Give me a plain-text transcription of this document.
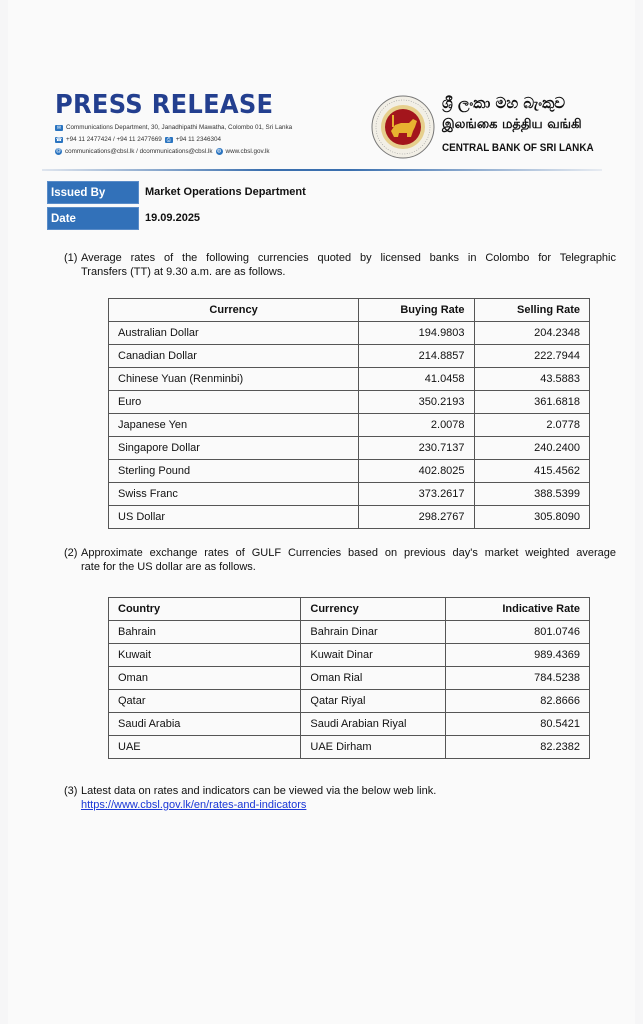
PRESS RELEASE
✉ Communications Department, 30, Janadhipathi Mawatha, Colombo 01, Sri Lanka
☎ +94 11 2477424 / +94 11 2477669 ⎙ +94 11 2346304
@ communications@cbsl.lk / dcommunications@cbsl.lk ◍ www.cbsl.gov.lk
ශ්‍රී ලංකා මහ බැංකුව
இலங்கை மத்திய வங்கி
CENTRAL BANK OF SRI LANKA
Issued By	Market Operations Department
Date	19.09.2025
(1) Average rates of the following currencies quoted by licensed banks in Colombo for Telegraphic
Transfers (TT) at 9.30 a.m. are as follows.
Currency	Buying Rate	Selling Rate
Australian Dollar	194.9803	204.2348
Canadian Dollar	214.8857	222.7944
Chinese Yuan (Renminbi)	41.0458	43.5883
Euro	350.2193	361.6818
Japanese Yen	2.0078	2.0778
Singapore Dollar	230.7137	240.2400
Sterling Pound	402.8025	415.4562
Swiss Franc	373.2617	388.5399
US Dollar	298.2767	305.8090
(2) Approximate exchange rates of GULF Currencies based on previous day's market weighted average
rate for the US dollar are as follows.
Country	Currency	Indicative Rate
Bahrain	Bahrain Dinar	801.0746
Kuwait	Kuwait Dinar	989.4369
Oman	Oman Rial	784.5238
Qatar	Qatar Riyal	82.8666
Saudi Arabia	Saudi Arabian Riyal	80.5421
UAE	UAE Dirham	82.2382
(3) Latest data on rates and indicators can be viewed via the below web link.
https://www.cbsl.gov.lk/en/rates-and-indicators
